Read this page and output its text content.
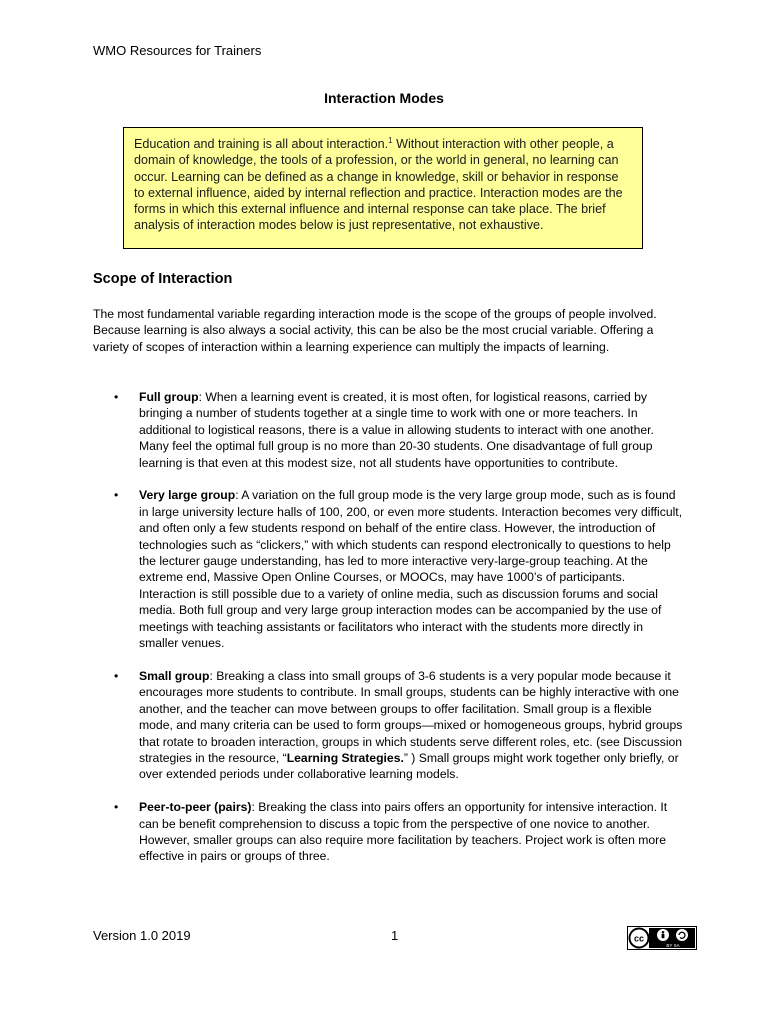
WMO Resources for Trainers
Interaction Modes
Education and training is all about interaction.$^1$ Without interaction with other people, a domain of knowledge, the tools of a profession, or the world in general, no learning can occur. Learning can be defined as a change in knowledge, skill or behavior in response to external influence, aided by internal reflection and practice. Interaction modes are the forms in which this external influence and internal response can take place. The brief analysis of interaction modes below is just representative, not exhaustive.
Scope of Interaction

The most fundamental variable regarding interaction mode is the scope of the groups of people involved. Because learning is also always a social activity, this can be also be the most crucial variable. Offering a variety of scopes of interaction within a learning experience can multiply the impacts of learning.

• Full group: When a learning event is created, it is most often, for logistical reasons, carried by bringing a number of students together at a single time to work with one or more teachers. In additional to logistical reasons, there is a value in allowing students to interact with one another. Many feel the optimal full group is no more than 20-30 students. One disadvantage of full group learning is that even at this modest size, not all students have opportunities to contribute.
• Very large group: A variation on the full group mode is the very large group mode, such as is found in large university lecture halls of 100, 200, or even more students. Interaction becomes very difficult, and often only a few students respond on behalf of the entire class. However, the introduction of technologies such as “clickers,” with which students can respond electronically to questions to help the lecturer gauge understanding, has led to more interactive very-large-group teaching. At the extreme end, Massive Open Online Courses, or MOOCs, may have 1000’s of participants. Interaction is still possible due to a variety of online media, such as discussion forums and social media. Both full group and very large group interaction modes can be accompanied by the use of meetings with teaching assistants or facilitators who interact with the students more directly in smaller venues.
• Small group: Breaking a class into small groups of 3-6 students is a very popular mode because it encourages more students to contribute. In small groups, students can be highly interactive with one another, and the teacher can move between groups to offer facilitation. Small group is a flexible mode, and many criteria can be used to form groups—mixed or homogeneous groups, hybrid groups that rotate to broaden interaction, groups in which students serve different roles, etc. (see Discussion strategies in the resource, “Learning Strategies.” ) Small groups might work together only briefly, or over extended periods under collaborative learning models.
• Peer-to-peer (pairs): Breaking the class into pairs offers an opportunity for intensive interaction. It can be benefit comprehension to discuss a topic from the perspective of one novice to another. However, smaller groups can also require more facilitation by teachers. Project work is often more effective in pairs or groups of three.
Version 1.0 2019	1	cc
BY SA
